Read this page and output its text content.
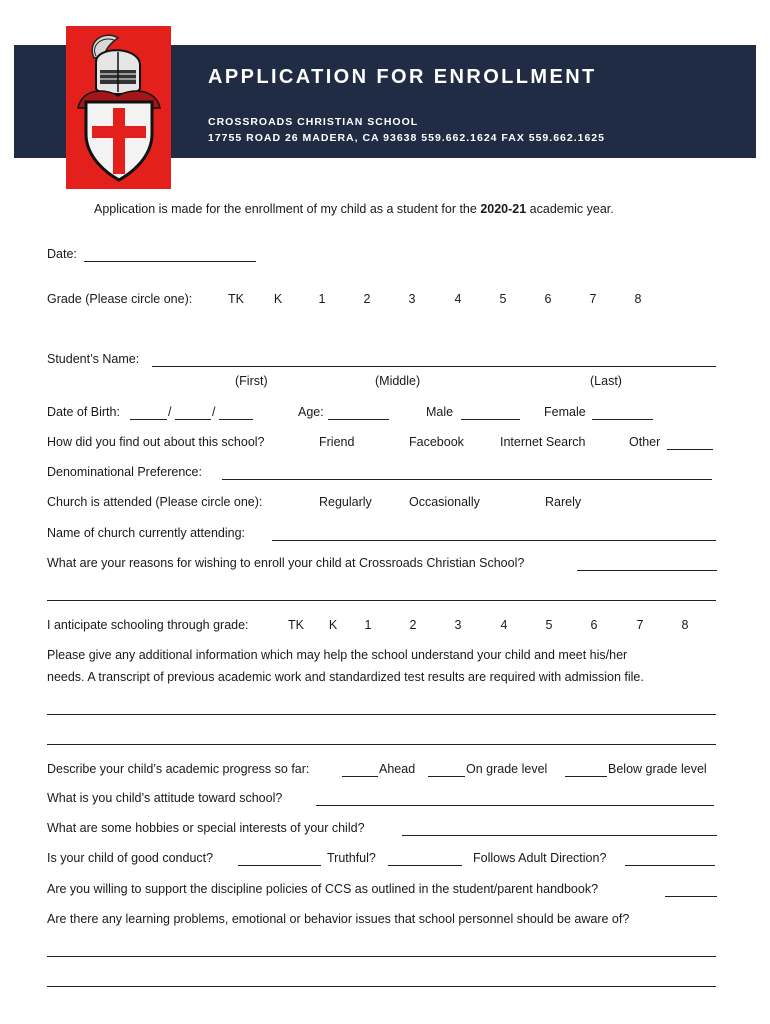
APPLICATION FOR ENROLLMENT
CROSSROADS CHRISTIAN SCHOOL
17755 ROAD 26 MADERA, CA 93638 559.662.1624 FAX 559.662.1625
Application is made for the enrollment of my child as a student for the 2020-21 academic year.
Date:
Grade (Please circle one):	TK K	1	2	3	4	5	6	7	8
Student’s Name:
(First)	(Middle)	(Last)
Date of Birth:	/	/	Age:	Male	Female
How did you find out about this school?	Friend	Facebook	Internet Search	Other
Denominational Preference:
Church is attended (Please circle one):	Regularly	Occasionally	Rarely
Name of church currently attending:
What are your reasons for wishing to enroll your child at Crossroads Christian School?
I anticipate schooling through grade:	TK K 1	2	3	4	5	6	7	8
Please give any additional information which may help the school understand your child and meet his/her
needs. A transcript of previous academic work and standardized test results are required with admission file.
Describe your child’s academic progress so far:	Ahead	On grade level	Below grade level
What is you child’s attitude toward school?
What are some hobbies or special interests of your child?
Is your child of good conduct?	Truthful?	Follows Adult Direction?
Are you willing to support the discipline policies of CCS as outlined in the student/parent handbook?
Are there any learning problems, emotional or behavior issues that school personnel should be aware of?
